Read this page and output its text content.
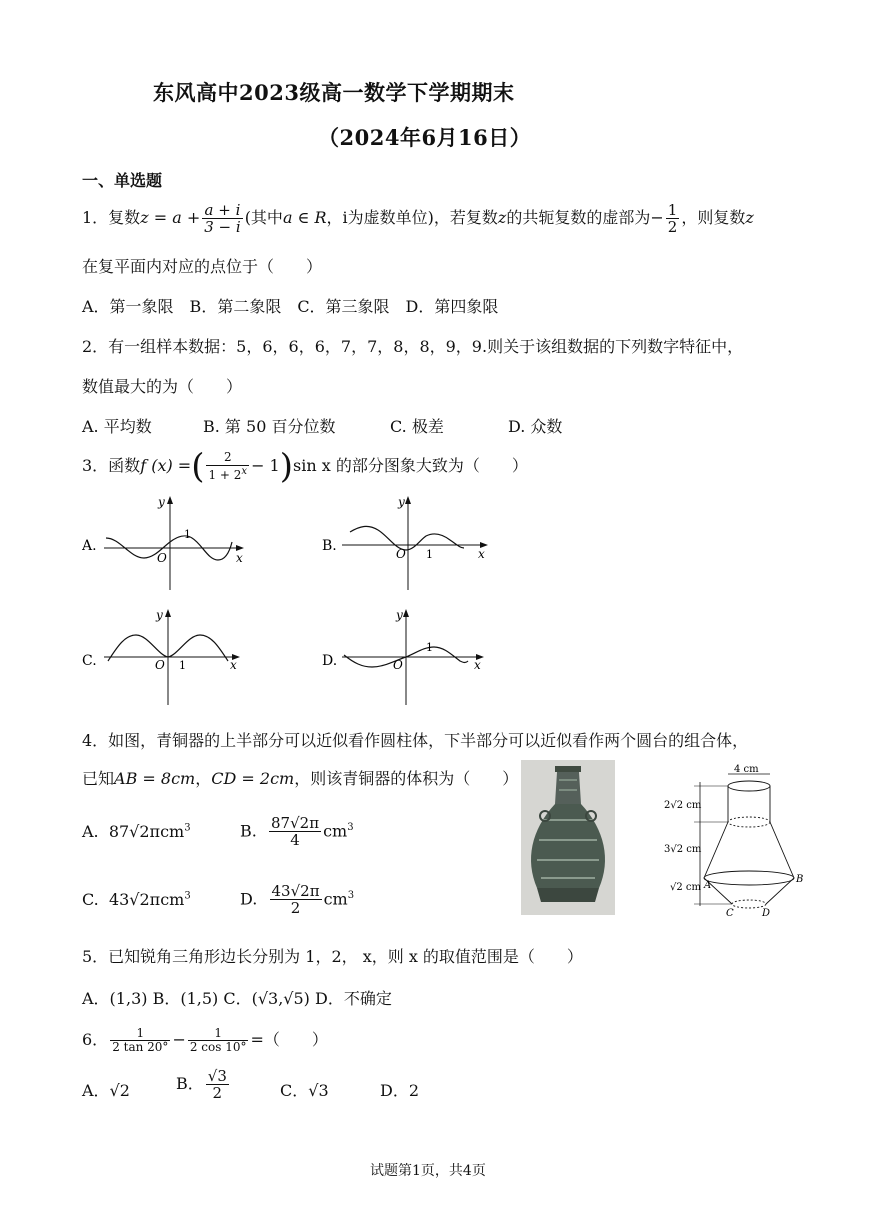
东风高中2023级高一数学下学期期末
（2024年6月16日）
一、单选题
1．复数$z = a + \frac{a + i}{3 - i}$ (其中a ∈ R，i为虚数单位)，若复数z的共轭复数的虚部为− $\frac{1}{2}$ ，则复数z
在复平面内对应的点位于（　　）
A．第一象限　B．第二象限　C．第三象限　D．第四象限
2．有一组样本数据：5，6，6，6，7，7，8，8，9，9.则关于该组数据的下列数字特征中，
数值最大的为（　　）
A. 平均数	B. 第 50 百分位数	C. 极差	D. 众数
3．函数f (x) =( $\frac{2}{1 + 2^x} - 1)\sin$ x 的部分图象大致为（　　）
A.
y
x
O
1
B.
y
x
O 1
C.
y
x
O 1	D.
y
x
O
1
4．如图，青铜器的上半部分可以近似看作圆柱体，下半部分可以近似看作两个圆台的组合体，
已知AB = 8cm，CD = 2cm，则该青铜器的体积为（　　）
A. 87√2πcm$^3$	B. $\frac{87√2\pi}{4} cm^3$
C. 43√2πcm$^3$	D. $\frac{43√2\pi}{2} cm^3$
4 cm
2√2 cm
3√2 cm
√2 cm A
B
C	D
5．已知锐角三角形边长分别为 1，2， x，则 x 的取值范围是（　　）
A．(1,3) B．(1,5) C．(√3,√5) D．不确定
6． $\frac{1}{2 \tan 20^\circ} - \frac{1}{2 \cos 10^\circ}$ =（　　）
A．√2	B． $\frac{√3}{2}$	C．√3	D．2
试题第1页，共4页
